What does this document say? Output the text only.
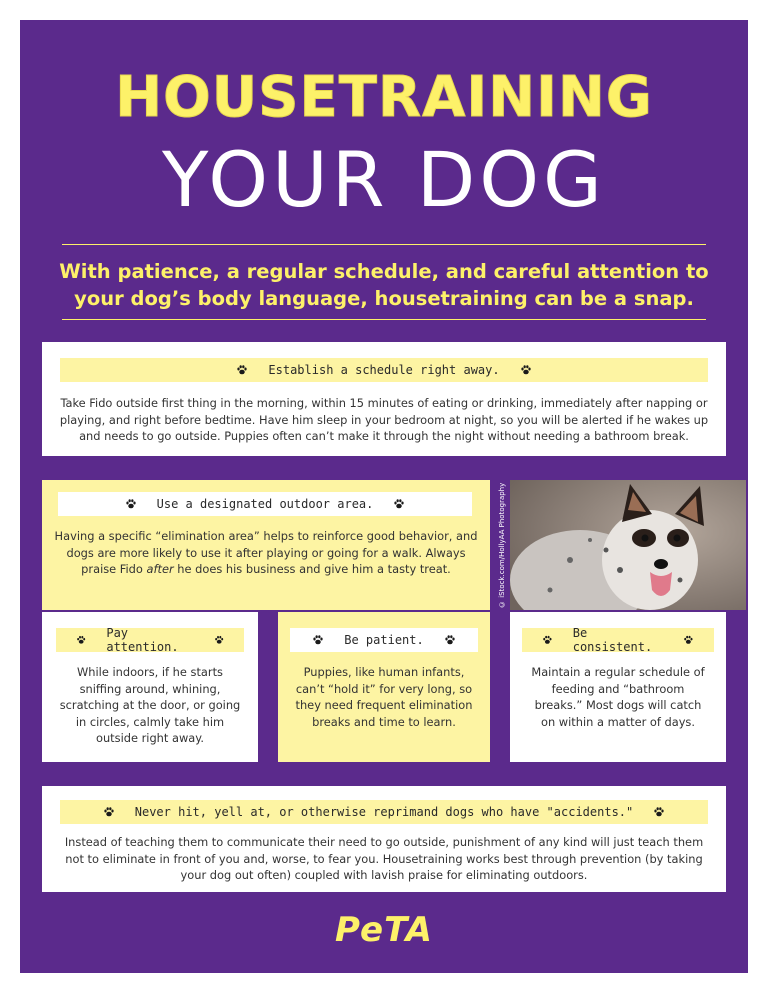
HOUSETRAINING
YOUR DOG
With patience, a regular schedule, and careful attention to your dog’s body language, housetraining can be a snap.
Establish a schedule right away.
Take Fido outside first thing in the morning, within 15 minutes of eating or drinking, immediately after napping or playing, and right before bedtime. Have him sleep in your bedroom at night, so you will be alerted if he wakes up and needs to go outside. Puppies often can’t make it through the night without needing a bathroom break.
Use a designated outdoor area.
Having a specific “elimination area” helps to reinforce good behavior, and dogs are more likely to use it after playing or going for a walk. Always praise Fido after he does his business and give him a tasty treat.	© iStock.com/HollyAA Photography
Pay attention.
While indoors, if he starts sniffing around, whining, scratching at the door, or going in circles, calmly take him outside right away.
Be patient.
Puppies, like human infants, can’t “hold it” for very long, so they need frequent elimination breaks and time to learn.
Be consistent.
Maintain a regular schedule of feeding and “bathroom breaks.” Most dogs will catch on within a matter of days.
Never hit, yell at, or otherwise reprimand dogs who have "accidents."
Instead of teaching them to communicate their need to go outside, punishment of any kind will just teach them not to eliminate in front of you and, worse, to fear you. Housetraining works best through prevention (by taking your dog out often) coupled with lavish praise for eliminating outdoors.
PeTA
